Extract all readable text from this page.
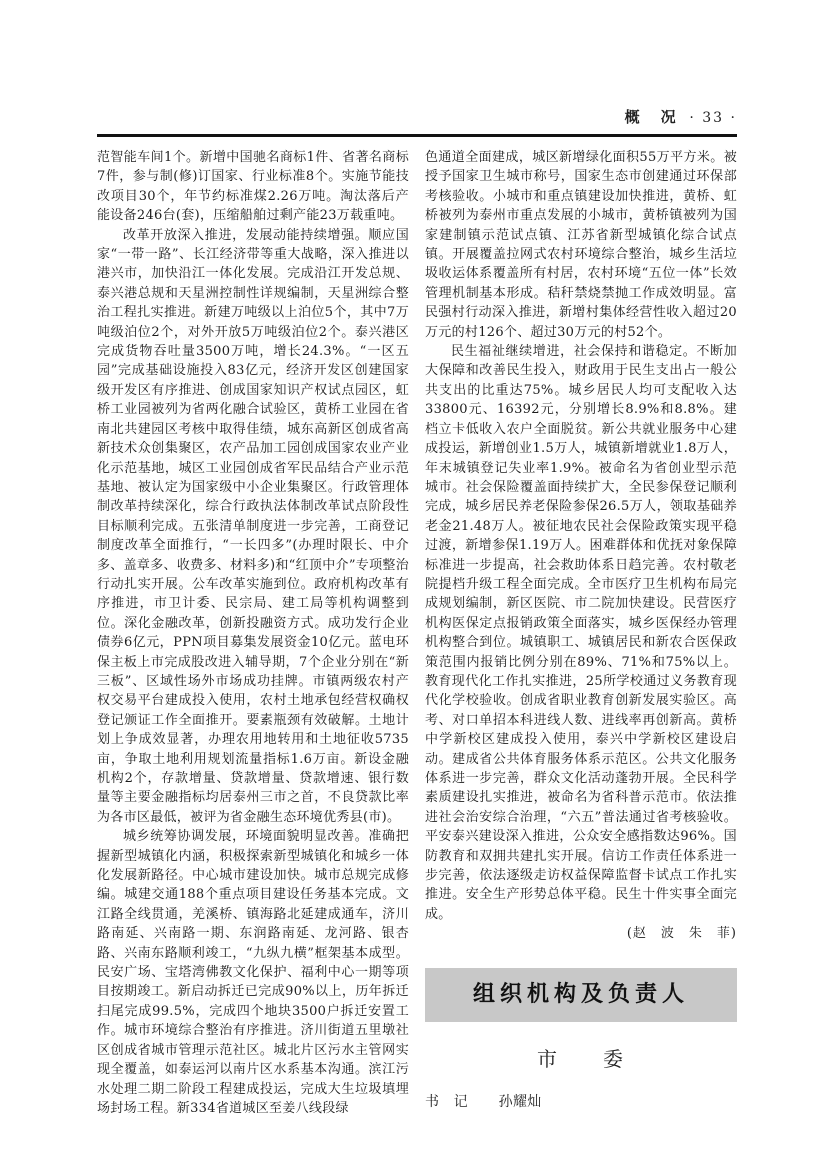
概　况 · 33 ·

范智能车间1个。新增中国驰名商标1件、省著名商标7件，参与制(修)订国家、行业标准8个。实施节能技改项目30个，年节约标准煤2.26万吨。淘汰落后产能设备246台(套)，压缩船舶过剩产能23万载重吨。

改革开放深入推进，发展动能持续增强。顺应国家“一带一路”、长江经济带等重大战略，深入推进以港兴市，加快沿江一体化发展。完成沿江开发总规、泰兴港总规和天星洲控制性详规编制，天星洲综合整治工程扎实推进。新建万吨级以上泊位5个，其中7万吨级泊位2个，对外开放5万吨级泊位2个。泰兴港区完成货物吞吐量3500万吨，增长24.3%。“一区五园”完成基础设施投入83亿元，经济开发区创建国家级开发区有序推进、创成国家知识产权试点园区，虹桥工业园被列为省两化融合试验区，黄桥工业园在省南北共建园区考核中取得佳绩，城东高新区创成省高新技术众创集聚区，农产品加工园创成国家农业产业化示范基地，城区工业园创成省军民品结合产业示范基地、被认定为国家级中小企业集聚区。行政管理体制改革持续深化，综合行政执法体制改革试点阶段性目标顺利完成。五张清单制度进一步完善，工商登记制度改革全面推行，“一长四多”(办理时限长、中介多、盖章多、收费多、材料多)和“红顶中介”专项整治行动扎实开展。公车改革实施到位。政府机构改革有序推进，市卫计委、民宗局、建工局等机构调整到位。深化金融改革，创新投融资方式。成功发行企业债券6亿元，PPN项目募集发展资金10亿元。蓝电环保主板上市完成股改进入辅导期，7个企业分别在“新三板”、区域性场外市场成功挂牌。市镇两级农村产权交易平台建成投入使用，农村土地承包经营权确权登记颁证工作全面推开。要素瓶颈有效破解。土地计划上争成效显著，办理农用地转用和土地征收5735亩，争取土地利用规划流量指标1.6万亩。新设金融机构2个，存款增量、贷款增量、贷款增速、银行数量等主要金融指标均居泰州三市之首，不良贷款比率为各市区最低，被评为省金融生态环境优秀县(市)。

城乡统筹协调发展，环境面貌明显改善。准确把握新型城镇化内涵，积极探索新型城镇化和城乡一体化发展新路径。中心城市建设加快。城市总规完成修编。城建交通188个重点项目建设任务基本完成。文江路全线贯通，羌溪桥、镇海路北延建成通车，济川路南延、兴南路一期、东润路南延、龙河路、银杏路、兴南东路顺利竣工，“九纵九横”框架基本成型。民安广场、宝塔湾佛教文化保护、福利中心一期等项目按期竣工。新启动拆迁已完成90%以上，历年拆迁扫尾完成99.5%，完成四个地块3500户拆迁安置工作。城市环境综合整治有序推进。济川街道五里墩社区创成省城市管理示范社区。城北片区污水主管网实现全覆盖，如泰运河以南片区水系基本沟通。滨江污水处理二期二阶段工程建成投运，完成大生垃圾填埋场封场工程。新334省道城区至姜八线段绿

色通道全面建成，城区新增绿化面积55万平方米。被授予国家卫生城市称号，国家生态市创建通过环保部考核验收。小城市和重点镇建设加快推进，黄桥、虹桥被列为泰州市重点发展的小城市，黄桥镇被列为国家建制镇示范试点镇、江苏省新型城镇化综合试点镇。开展覆盖拉网式农村环境综合整治，城乡生活垃圾收运体系覆盖所有村居，农村环境“五位一体”长效管理机制基本形成。秸秆禁烧禁抛工作成效明显。富民强村行动深入推进，新增村集体经营性收入超过20万元的村126个、超过30万元的村52个。

民生福祉继续增进，社会保持和谐稳定。不断加大保障和改善民生投入，财政用于民生支出占一般公共支出的比重达75%。城乡居民人均可支配收入达33800元、16392元，分别增长8.9%和8.8%。建档立卡低收入农户全面脱贫。新公共就业服务中心建成投运，新增创业1.5万人，城镇新增就业1.8万人，年末城镇登记失业率1.9%。被命名为省创业型示范城市。社会保险覆盖面持续扩大，全民参保登记顺利完成，城乡居民养老保险参保26.5万人，领取基础养老金21.48万人。被征地农民社会保险政策实现平稳过渡，新增参保1.19万人。困难群体和优抚对象保障标准进一步提高，社会救助体系日趋完善。农村敬老院提档升级工程全面完成。全市医疗卫生机构布局完成规划编制，新区医院、市二院加快建设。民营医疗机构医保定点报销政策全面落实，城乡医保经办管理机构整合到位。城镇职工、城镇居民和新农合医保政策范围内报销比例分别在89%、71%和75%以上。教育现代化工作扎实推进，25所学校通过义务教育现代化学校验收。创成省职业教育创新发展实验区。高考、对口单招本科进线人数、进线率再创新高。黄桥中学新校区建成投入使用，泰兴中学新校区建设启动。建成省公共体育服务体系示范区。公共文化服务体系进一步完善，群众文化活动蓬勃开展。全民科学素质建设扎实推进，被命名为省科普示范市。依法推进社会治安综合治理，“六五”普法通过省考核验收。平安泰兴建设深入推进，公众安全感指数达96%。国防教育和双拥共建扎实开展。信访工作责任体系进一步完善，依法逐级走访权益保障监督卡试点工作扎实推进。安全生产形势总体平稳。民生十件实事全面完成。

(赵　波　朱　菲)

组织机构及负责人
市　　委
书　记 孙耀灿
